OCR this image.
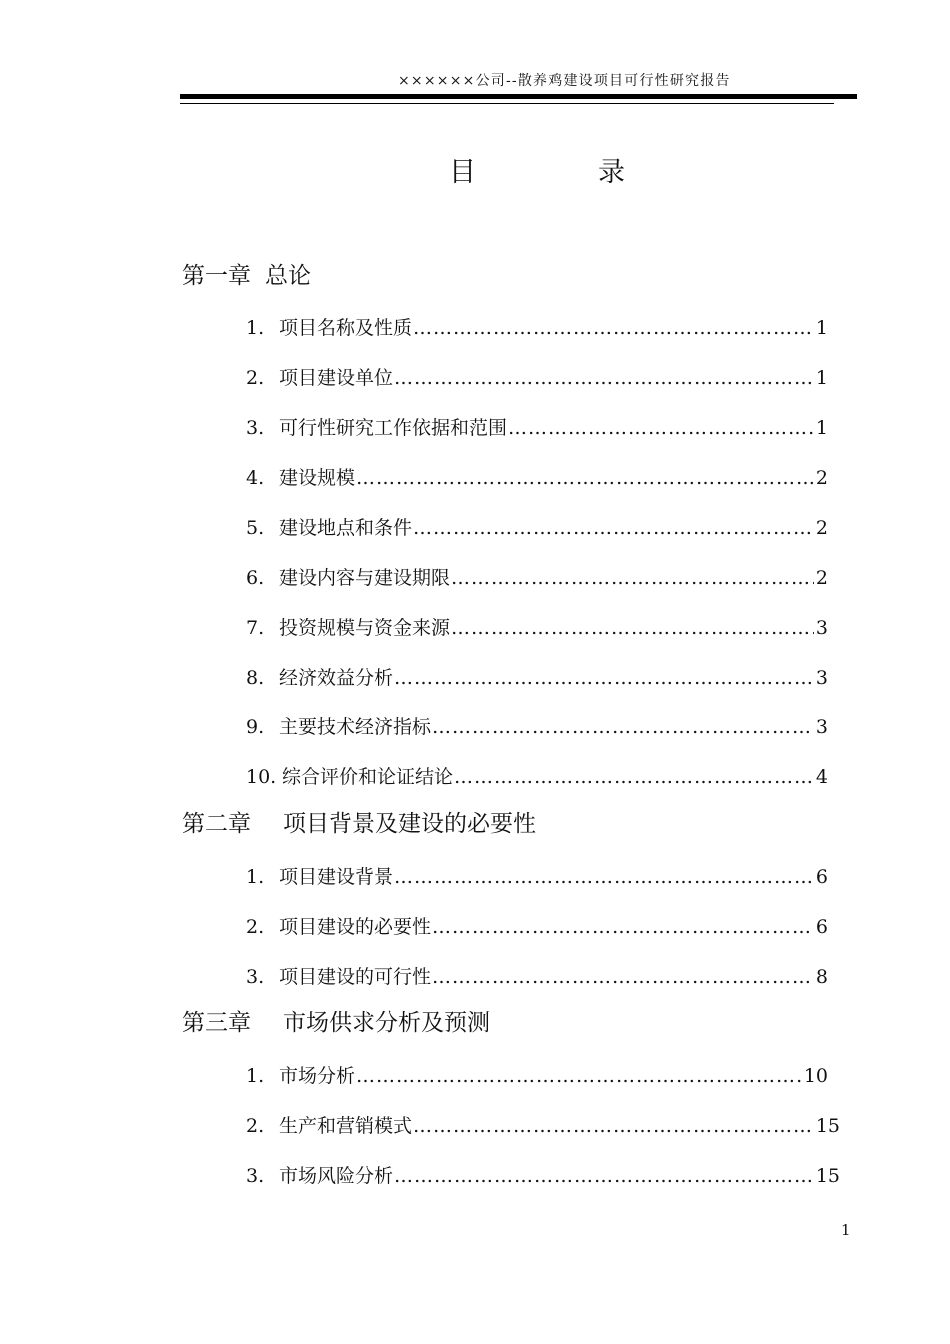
××××××公司--散养鸡建设项目可行性研究报告
目	录
第一章 总论
1. 项目名称及性质 …………………………………………………………………………………………………………………	1
2. 项目建设单位 …………………………………………………………………………………………………………………	1
3. 可行性研究工作依据和范围 …………………………………………………………………………………………………………………	1
4. 建设规模 …………………………………………………………………………………………………………………	2
5. 建设地点和条件 …………………………………………………………………………………………………………………	2
6. 建设内容与建设期限 …………………………………………………………………………………………………………………	2
7. 投资规模与资金来源 …………………………………………………………………………………………………………………	3
8. 经济效益分析 …………………………………………………………………………………………………………………	3
9. 主要技术经济指标 …………………………………………………………………………………………………………………	3
10. 综合评价和论证结论 …………………………………………………………………………………………………………………	4
第二章 项目背景及建设的必要性
1. 项目建设背景 …………………………………………………………………………………………………………………	6
2. 项目建设的必要性 …………………………………………………………………………………………………………………	6
3. 项目建设的可行性 …………………………………………………………………………………………………………………	8
第三章 市场供求分析及预测
1. 市场分析 …………………………………………………………………………………………………………………	10
2. 生产和营销模式 …………………………………………………………………………………………………………………	15
3. 市场风险分析 …………………………………………………………………………………………………………………	15
1
